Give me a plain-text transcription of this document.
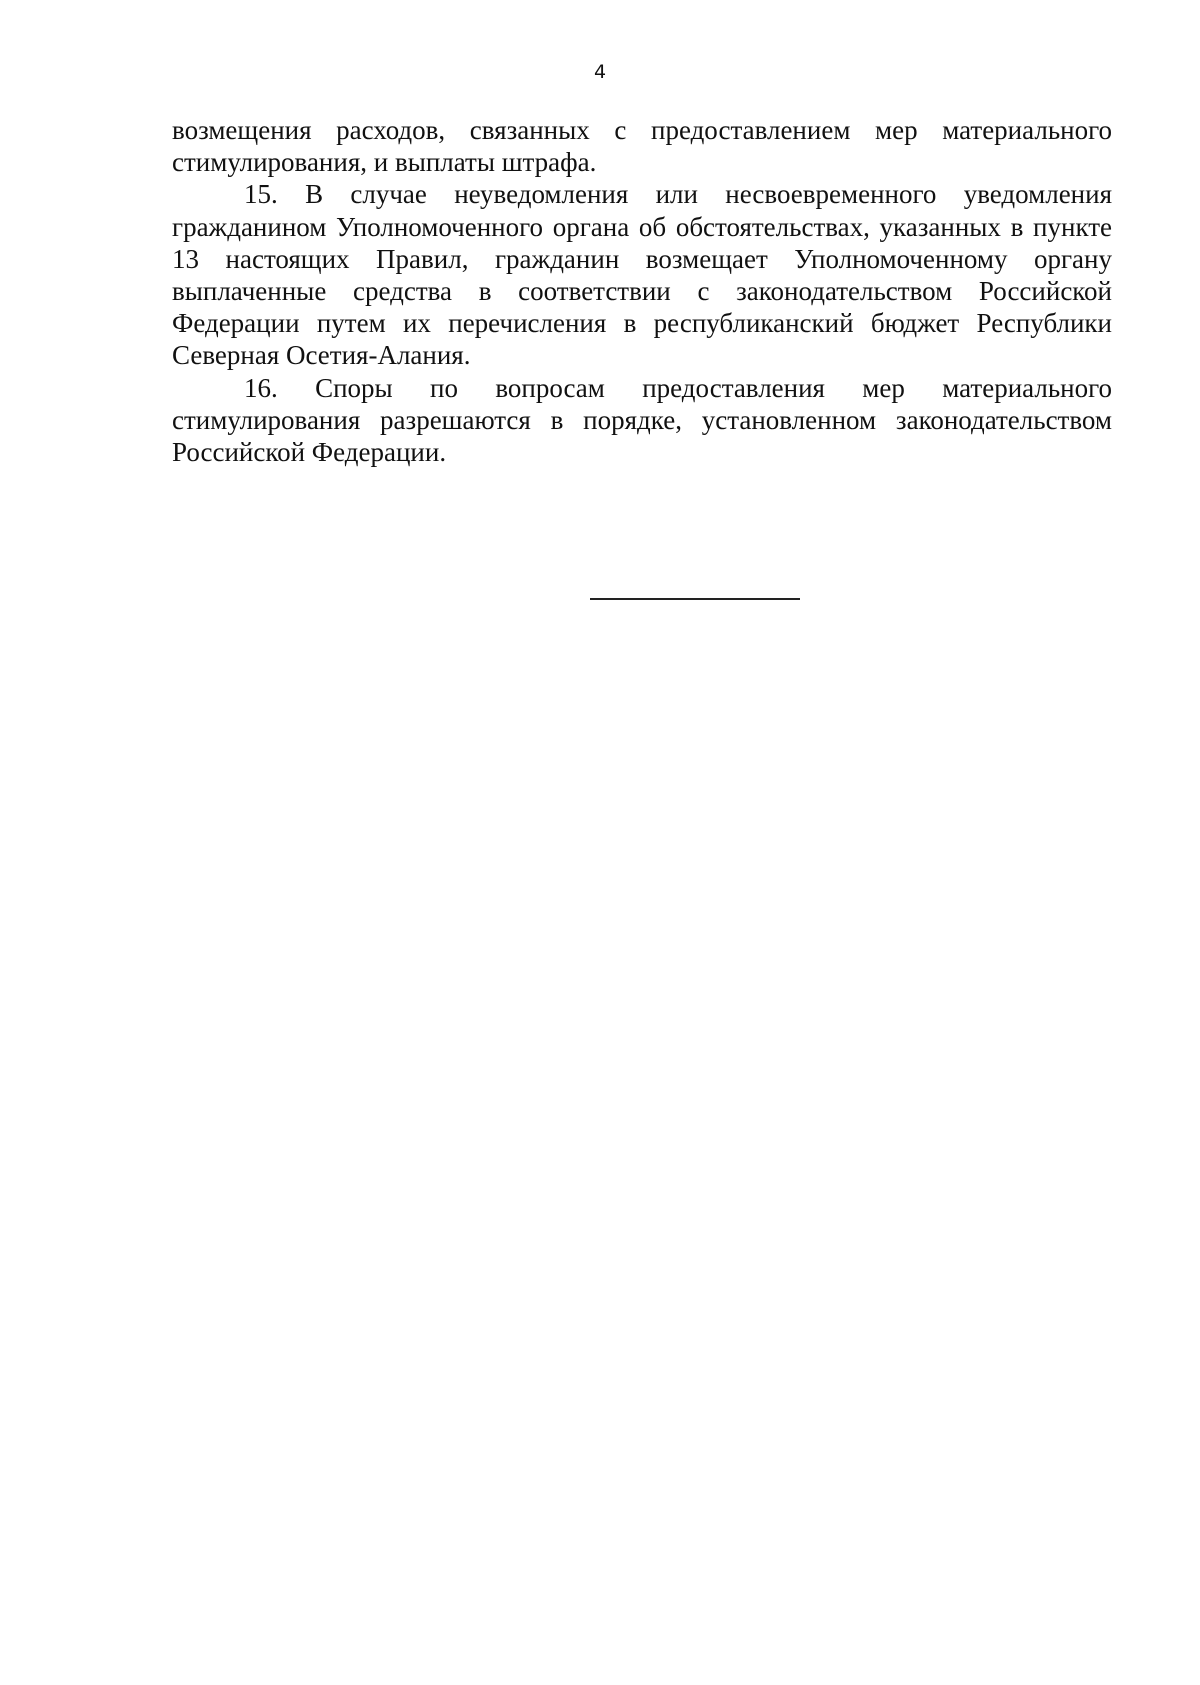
4

возмещения расходов, связанных с предоставлением мер материального стимулирования, и выплаты штрафа.

15. В случае неуведомления или несвоевременного уведомления гражданином Уполномоченного органа об обстоятельствах, указанных в пункте 13 настоящих Правил, гражданин возмещает Уполномоченному органу выплаченные средства в соответствии с законодательством Российской Федерации путем их перечисления в республиканский бюджет Республики Северная Осетия-Алания.

16. Споры по вопросам предоставления мер материального стимулирования разрешаются в порядке, установленном законодательством Российской Федерации.
